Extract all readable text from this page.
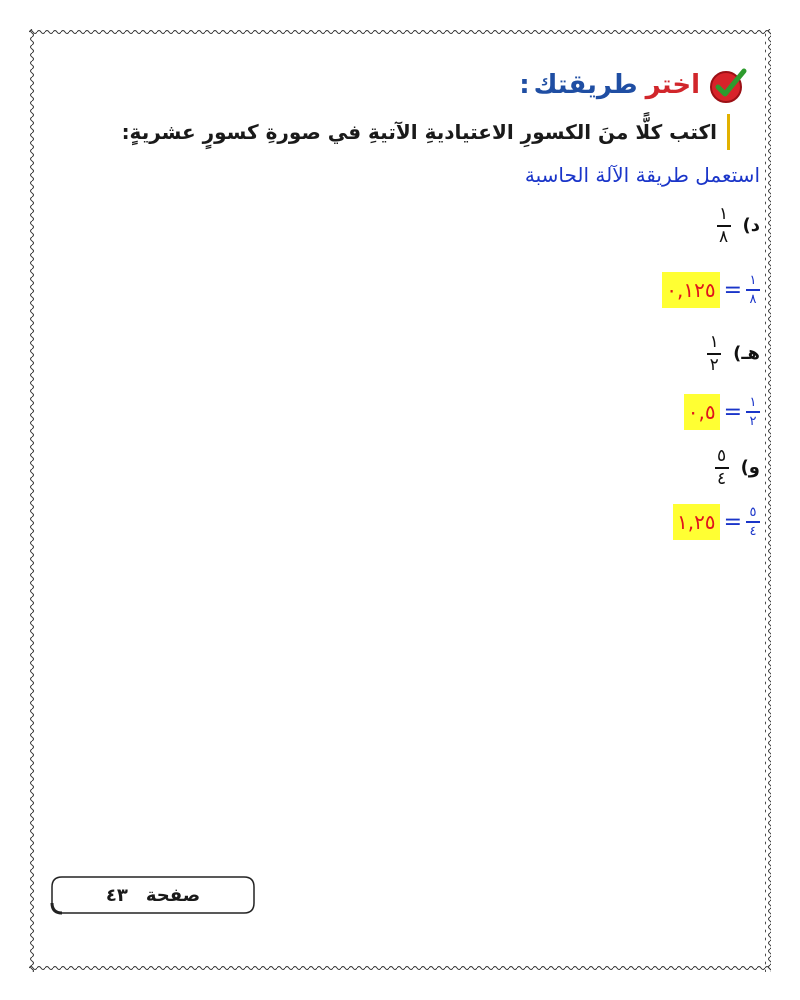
اخترطريقتك:
اكتب كلًّا منَ الكسورِ الاعتياديةِ الآتيةِ في صورةِ كسورٍ عشريةٍ:
استعمل طريقة الآلة الحاسبة
د)
$\frac{١}{٨}$
$\frac{١}{٨}$
=
٠,١٢٥
هـ)
$\frac{١}{٢}$
$\frac{١}{٢}$
=
٠,٥
و)
$\frac{٥}{٤}$
$\frac{٥}{٤}$
=
١,٢٥
صفحة٤٣
